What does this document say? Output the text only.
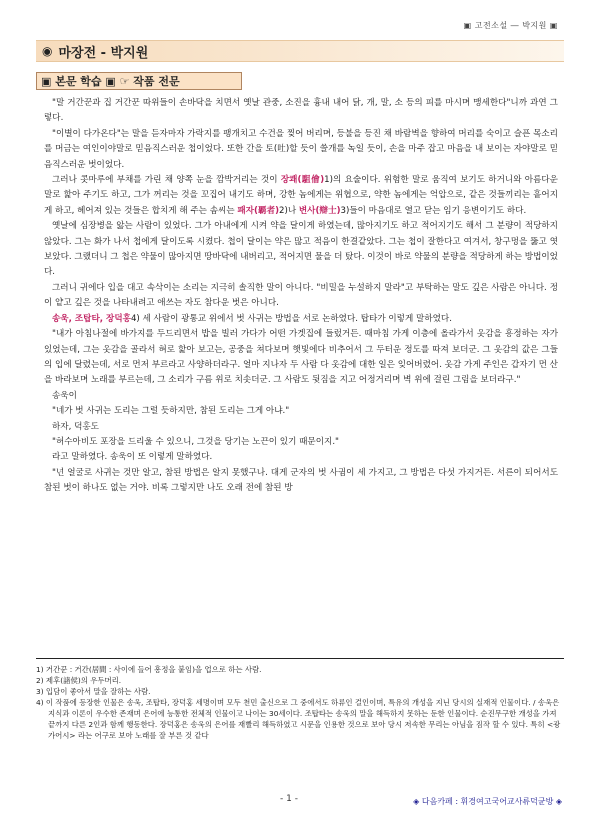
▣ 고전소설 ― 박지원 ▣
◉ 마장전 - 박지원
▣ 본문 학습 ▣ ☞ 작품 전문

"말 거간꾼과 집 거간꾼 따위들이 손바닥을 치면서 옛날 관중, 소진을 흉내 내어 닭, 개, 말, 소 등의 피를 마시며 맹세한다"니까 과연 그렇다.

"이별이 다가온다"는 말을 듣자마자 가락지를 팽개치고 수건을 찢어 버리며, 등불을 등진 채 바람벽을 향하여 머리를 숙이고 슬픈 목소리를 머금는 여인이야말로 믿음직스러운 첩이었다. 또한 간을 토(吐)할 듯이 쓸개를 녹일 듯이, 손을 마주 잡고 마음을 내 보이는 자야말로 믿음직스러운 벗이었다.

그러나 콧마루에 부채를 가린 채 양쪽 눈을 깜박거리는 것이 장쾌(駔儈)1)의 요술이다. 위험한 말로 움직여 보기도 하거니와 아름다운 말로 핥아 주기도 하고, 그가 꺼리는 것을 꼬집어 내기도 하며, 강한 놈에게는 위협으로, 약한 놈에게는 억압으로, 같은 것들끼리는 흩어지게 하고, 헤어져 있는 것들은 합치게 해 주는 솜씨는 패자(覇者)2)나 변사(辯士)3)들이 마음대로 열고 닫는 임기 응변이기도 하다.

옛날에 심장병을 앓는 사람이 있었다. 그가 아내에게 시켜 약을 달이게 하였는데, 많아지기도 하고 적어지기도 해서 그 분량이 적당하지 않았다. 그는 화가 나서 첩에게 달이도록 시켰다. 첩이 달이는 약은 많고 적음이 한결같았다. 그는 첩이 잘한다고 여겨서, 창구멍을 뚫고 엿보았다. 그랬더니 그 첩은 약물이 많아지면 땅바닥에 내버리고, 적어지면 물을 더 탔다. 이것이 바로 약물의 분량을 적당하게 하는 방법이었다.

그러니 귀에다 입을 대고 속삭이는 소리는 지극히 솔직한 말이 아니다. "비밀을 누설하지 말라"고 부탁하는 말도 깊은 사람은 아니다. 정이 얕고 깊은 것을 나타내려고 애쓰는 자도 참다운 벗은 아니다.

송욱, 조탑타, 장덕홍4) 세 사람이 광통교 위에서 벗 사귀는 방법을 서로 논하였다. 탑타가 이렇게 말하였다.

"내가 아침나절에 바가지를 두드리면서 밥을 빌러 가다가 어떤 가겟집에 들렀거든. 때마침 가게 이층에 올라가서 옷감을 흥정하는 자가 있었는데, 그는 옷감을 골라서 혀로 핥아 보고는, 공중을 쳐다보며 햇빛에다 비추어서 그 두터운 정도를 따져 보더군. 그 옷감의 값은 그들의 입에 달렸는데, 서로 먼저 부르라고 사양하더라구. 얼마 지나자 두 사람 다 옷감에 대한 일은 잊어버렸어. 옷감 가게 주인은 갑자기 먼 산을 바라보며 노래를 부르는데, 그 소리가 구름 위로 치솟더군. 그 사람도 뒷짐을 지고 어정거리며 벽 위에 걸린 그림을 보더라구."

송욱이

"네가 벗 사귀는 도리는 그럴 듯하지만, 참된 도리는 그게 아냐."

하자, 덕홍도

"허수아비도 포장을 드리울 수 있으니, 그것을 당기는 노끈이 있기 때문이지."

라고 말하였다. 송욱이 또 이렇게 말하였다.

"넌 얼굴로 사귀는 것만 알고, 참된 방법은 알지 못했구나. 대게 군자의 벗 사귐이 세 가지고, 그 방법은 다섯 가지거든. 서른이 되어서도 참된 벗이 하나도 없는 거야. 비록 그렇지만 나도 오래 전에 참된 방

1) 거간꾼 : 거간(居間 : 사이에 들어 흥정을 붙임)을 업으로 하는 사람.

2) 제후(諸侯)의 우두머리.

3) 입담이 좋아서 말을 잘하는 사람.

4) 이 작품에 등장한 인물은 송욱, 조탑타, 장덕홍 세명이며 모두 천민 출신으로 그 중에서도 하류인 걸인이며, 특유의 개성을 지닌 당시의 실재적 인물이다. / 송욱은 지식과 이론이 우수한 존재며 은어에 능통한 전체적 인물이고 나이는 30세이다. 조탑타는 송욱의 말을 해득하지 못하는 둔한 인물이다. 순진무구한 개성을 가져 끝까지 다른 2인과 함께 행동한다. 장덕홍은 송욱의 은어를 재빨리 해득하였고 시문을 인용한 것으로 보아 당시 저속한 무리는 아님을 짐작 할 수 있다. 특히 <광가어시> 라는 어구로 보아 노래를 잘 부른 것 같다

- 1 -	◈ 다음카페 : 휘경여고국어교사류덕균방 ◈
